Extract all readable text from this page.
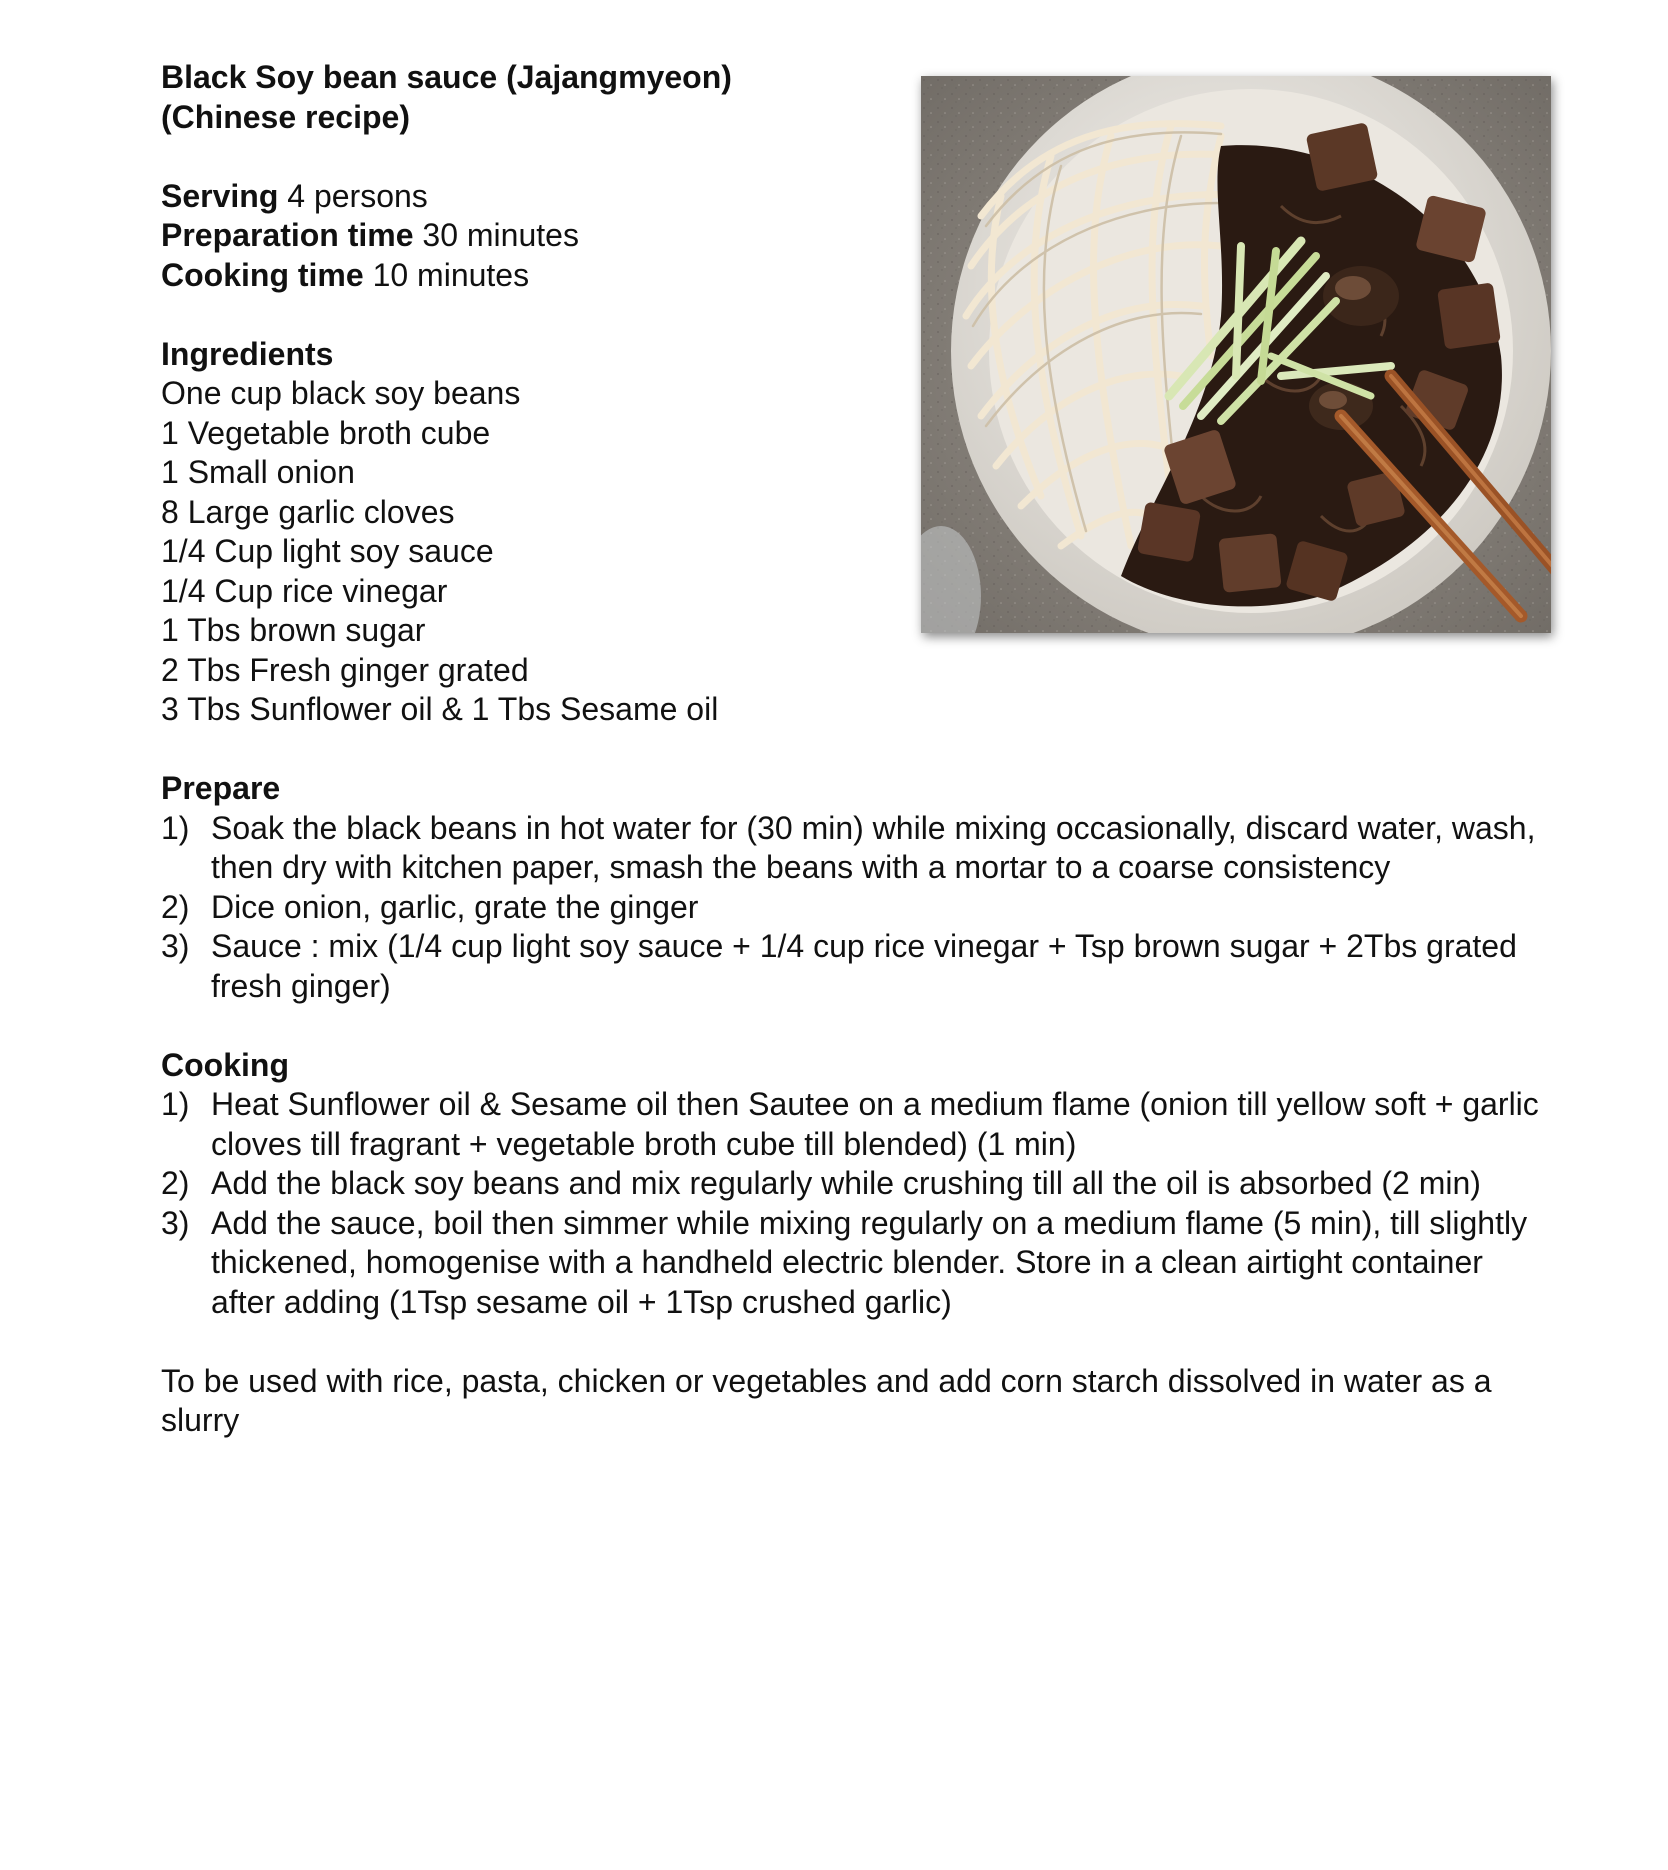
Black Soy bean sauce (Jajangmyeon)
(Chinese recipe)

Serving 4 persons

Preparation time 30 minutes

Cooking time 10 minutes

Ingredients

One cup black soy beans
1 Vegetable broth cube
1 Small onion
8 Large garlic cloves
1/4 Cup light soy sauce
1/4 Cup rice vinegar
1 Tbs brown sugar
2 Tbs Fresh ginger grated
3 Tbs Sunflower oil & 1 Tbs Sesame oil

Prepare

1) Soak the black beans in hot water for (30 min) while mixing occasionally, discard water, wash, then dry with kitchen paper, smash the beans with a mortar to a coarse consistency
2) Dice onion, garlic, grate the ginger
3) Sauce : mix (1/4 cup light soy sauce + 1/4 cup rice vinegar + Tsp brown sugar + 2Tbs grated fresh ginger)

Cooking

1) Heat Sunflower oil & Sesame oil then Sautee on a medium flame (onion till yellow soft + garlic cloves till fragrant + vegetable broth cube till blended) (1 min)
2) Add the black soy beans and mix regularly while crushing till all the oil is absorbed (2 min)
3) Add the sauce, boil then simmer while mixing regularly on a medium flame (5 min), till slightly thickened, homogenise with a handheld electric blender. Store in a clean airtight container after adding (1Tsp sesame oil + 1Tsp crushed garlic)

To be used with rice, pasta, chicken or vegetables and add corn starch dissolved in water as a slurry
